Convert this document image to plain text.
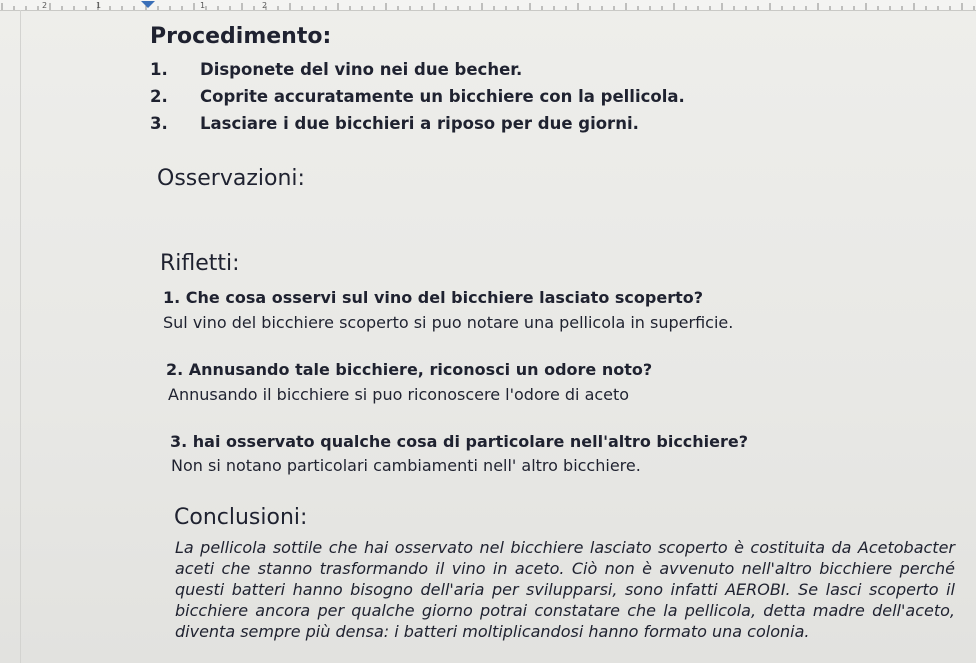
2	1	1	2
Procedimento:
1. Disponete del vino nei due becher.
2. Coprite accuratamente un bicchiere con la pellicola.
3. Lasciare i due bicchieri a riposo per due giorni.
Osservazioni:
Rifletti:
1. Che cosa osservi sul vino del bicchiere lasciato scoperto?
Sul vino del bicchiere scoperto si puo notare una pellicola in superficie.
2. Annusando tale bicchiere, riconosci un odore noto?
Annusando il bicchiere si puo riconoscere l'odore di aceto
3. hai osservato qualche cosa di particolare nell'altro bicchiere?
Non si notano particolari cambiamenti nell' altro bicchiere.
Conclusioni:

La pellicola sottile che hai osservato nel bicchiere lasciato scoperto è costituita da Acetobacter aceti che stanno trasformando il vino in aceto. Ciò non è avvenuto nell'altro bicchiere perché questi batteri hanno bisogno dell'aria per svilupparsi, sono infatti AEROBI. Se lasci scoperto il bicchiere ancora per qualche giorno potrai constatare che la pellicola, detta madre dell'aceto, diventa sempre più densa: i batteri moltiplicandosi hanno formato una colonia.
